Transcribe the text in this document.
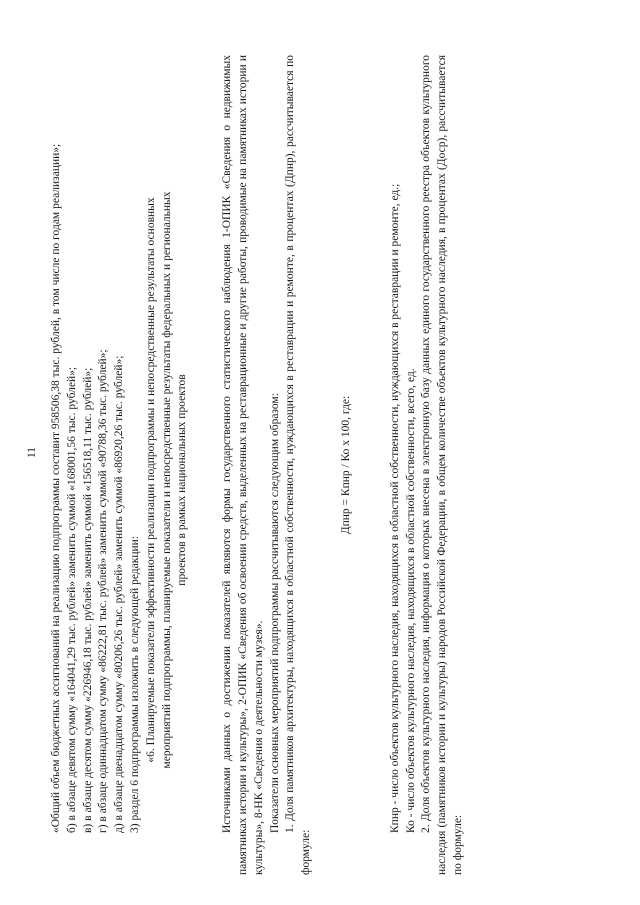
11 «Общий объем бюджетных ассигнований на реализацию подпрограммы составит 958506,38 тыс. рублей, в том числе по годам реализации»; б) в абзаце девятом сумму «164041,29 тыс. рублей» заменить суммой «168001,56 тыс. рублей»; в) в абзаце десятом сумму «226946,18 тыс. рублей» заменить суммой «156518,11 тыс. рублей»; г) в абзаце одиннадцатом сумму «86222,81 тыс. рублей» заменить суммой «90788,36 тыс. рублей»; д) в абзаце двенадцатом сумму «80206,26 тыс. рублей» заменить суммой «86920,26 тыс. рублей»; 3) раздел 6 подпрограммы изложить в следующей редакции: «6. Планируемые показатели эффективности реализации подпрограммы и непосредственные результаты основных мероприятий подпрограммы, планируемые показатели и непосредственные результаты федеральных и региональных проектов в рамках национальных проектов	Источниками данных о достижении показателей являются формы государственного статистического наблюдения 1-ОПИК «Сведения о недвижимых памятниках истории и культуры», 2-ОПИК «Сведения об освоении средств, выделенных на реставрационные и другие работы, проводимые на памятниках истории и культуры», 8-НК «Сведения о деятельности музея». Показатели основных мероприятий подпрограммы рассчитываются следующим образом: 1. Доля памятников архитектуры, находящихся в областной собственности, нуждающихся в реставрации и ремонте, в процентах (Дпнр), рассчитывается по формуле:

Дпнр = Кпнр / Ко х 100, где:	Кпнр - число объектов культурного наследия, находящихся в областной собственности, нуждающихся в реставрации и ремонте, ед.; Ко - число объектов культурного наследия, находящихся в областной собственности, всего, ед. 2. Доля объектов культурного наследия, информация о которых внесена в электронную базу данных единого государственного реестра объектов культурного наследия (памятников истории и культуры) народов Российской Федерации, в общем количестве объектов культурного наследия, в процентах (Доср), рассчитывается по формуле:
